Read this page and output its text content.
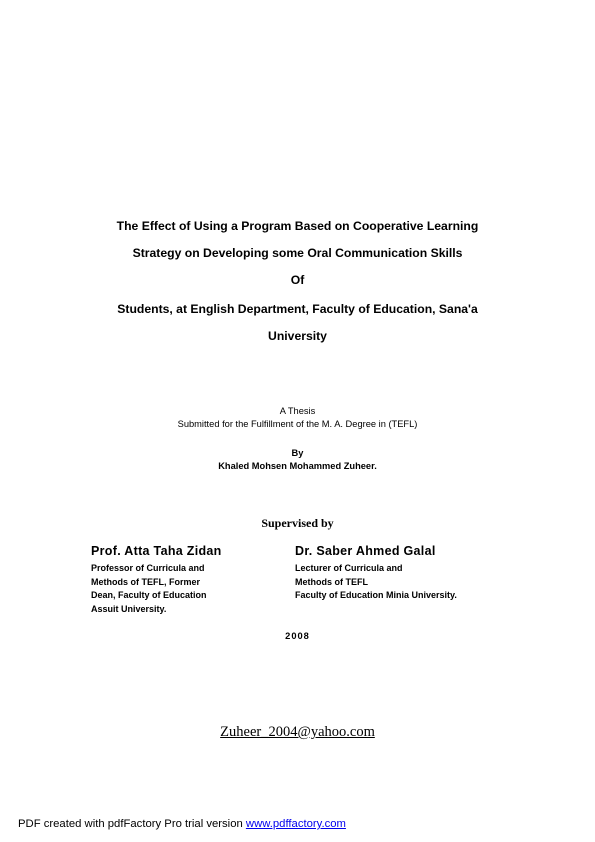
The Effect of Using a Program Based on Cooperative Learning
Strategy on Developing some Oral Communication Skills
Of
Students, at English Department, Faculty of Education, Sana'a
University
A Thesis
Submitted for the Fulfillment of the M. A. Degree in (TEFL)
By
Khaled Mohsen Mohammed Zuheer.
Supervised by
Prof. Atta Taha Zidan
Professor of Curricula and
Methods of TEFL, Former
Dean, Faculty of Education
Assuit University.
Dr. Saber Ahmed Galal
Lecturer of Curricula and
Methods of TEFL
Faculty of Education Minia University.
2008
Zuheer_2004@yahoo.com
PDF created with pdfFactory Pro trial version www.pdffactory.com
